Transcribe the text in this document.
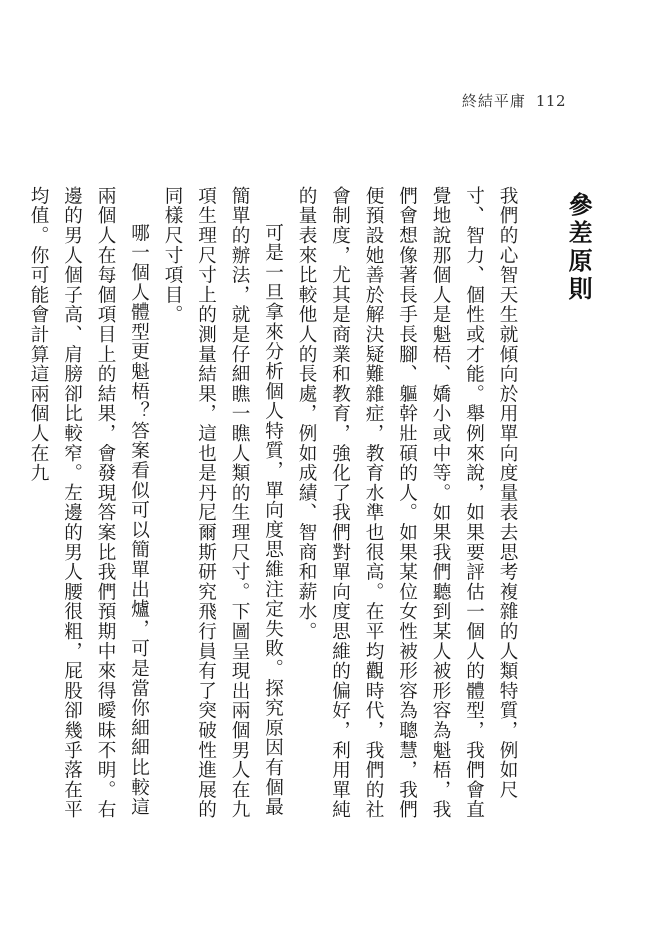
終結平庸 112
參差原則

我們的心智天生就傾向於用單向度量表去思考複雜的人類特質，例如尺寸、智力、個性或才能。舉例來說，如果要評估一個人的體型，我們會直覺地說那個人是魁梧、嬌小或中等。如果我們聽到某人被形容為魁梧，我們會想像著長手長腳、軀幹壯碩的人。如果某位女性被形容為聰慧，我們便預設她善於解決疑難雜症，教育水準也很高。在平均觀時代，我們的社會制度，尤其是商業和教育，強化了我們對單向度思維的偏好，利用單純的量表來比較他人的長處，例如成績、智商和薪水。

可是一旦拿來分析個人特質，單向度思維注定失敗。探究原因有個最簡單的辦法，就是仔細瞧一瞧人類的生理尺寸。下圖呈現出兩個男人在九項生理尺寸上的測量結果，這也是丹尼爾斯研究飛行員有了突破性進展的同樣尺寸項目。

哪一個人體型更魁梧？答案看似可以簡單出爐，可是當你細細比較這兩個人在每個項目上的結果，會發現答案比我們預期中來得曖昧不明。右邊的男人個子高、肩膀卻比較窄。左邊的男人腰很粗，屁股卻幾乎落在平均值。你可能會計算這兩個人在九
